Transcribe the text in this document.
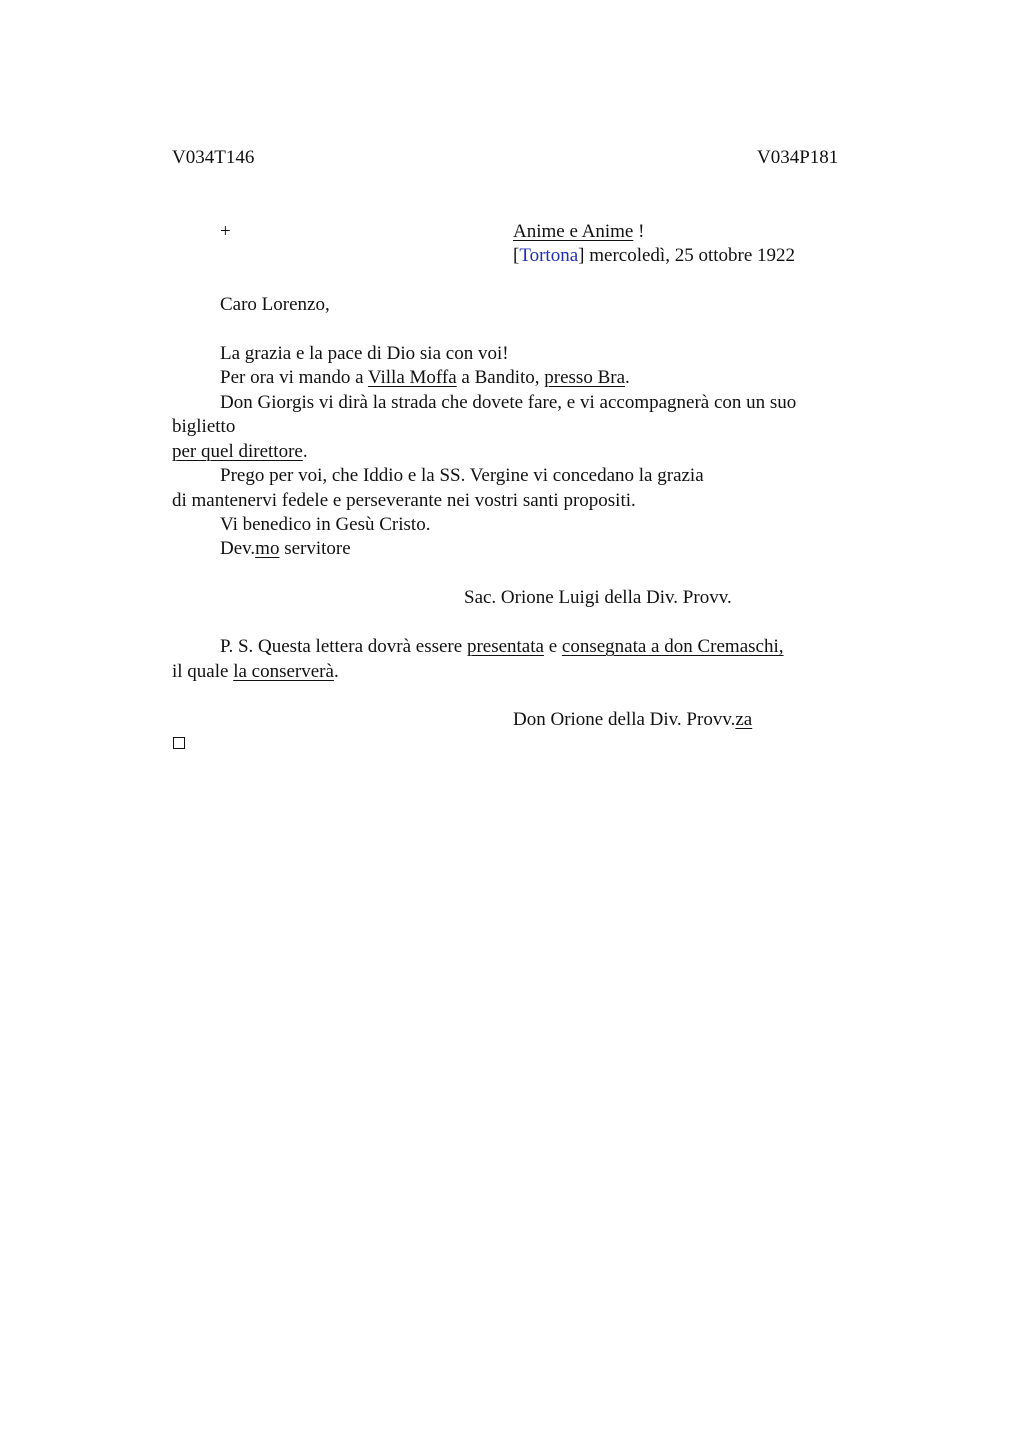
V034T146	V034P181
+	Anime e Anime !
[Tortona] mercoledì, 25 ottobre 1922
Caro Lorenzo,
La grazia e la pace di Dio sia con voi!
Per ora vi mando a Villa Moffa a Bandito, presso Bra.
Don Giorgis vi dirà la strada che dovete fare, e vi accompagnerà con un suo
biglietto
per quel direttore.
Prego per voi, che Iddio e la SS. Vergine vi concedano la grazia
di mantenervi fedele e perseverante nei vostri santi propositi.
Vi benedico in Gesù Cristo.
Dev.mo servitore
Sac. Orione Luigi della Div. Provv.
P. S. Questa lettera dovrà essere presentata e consegnata a don Cremaschi,
il quale la conserverà.
Don Orione della Div. Provv.za
